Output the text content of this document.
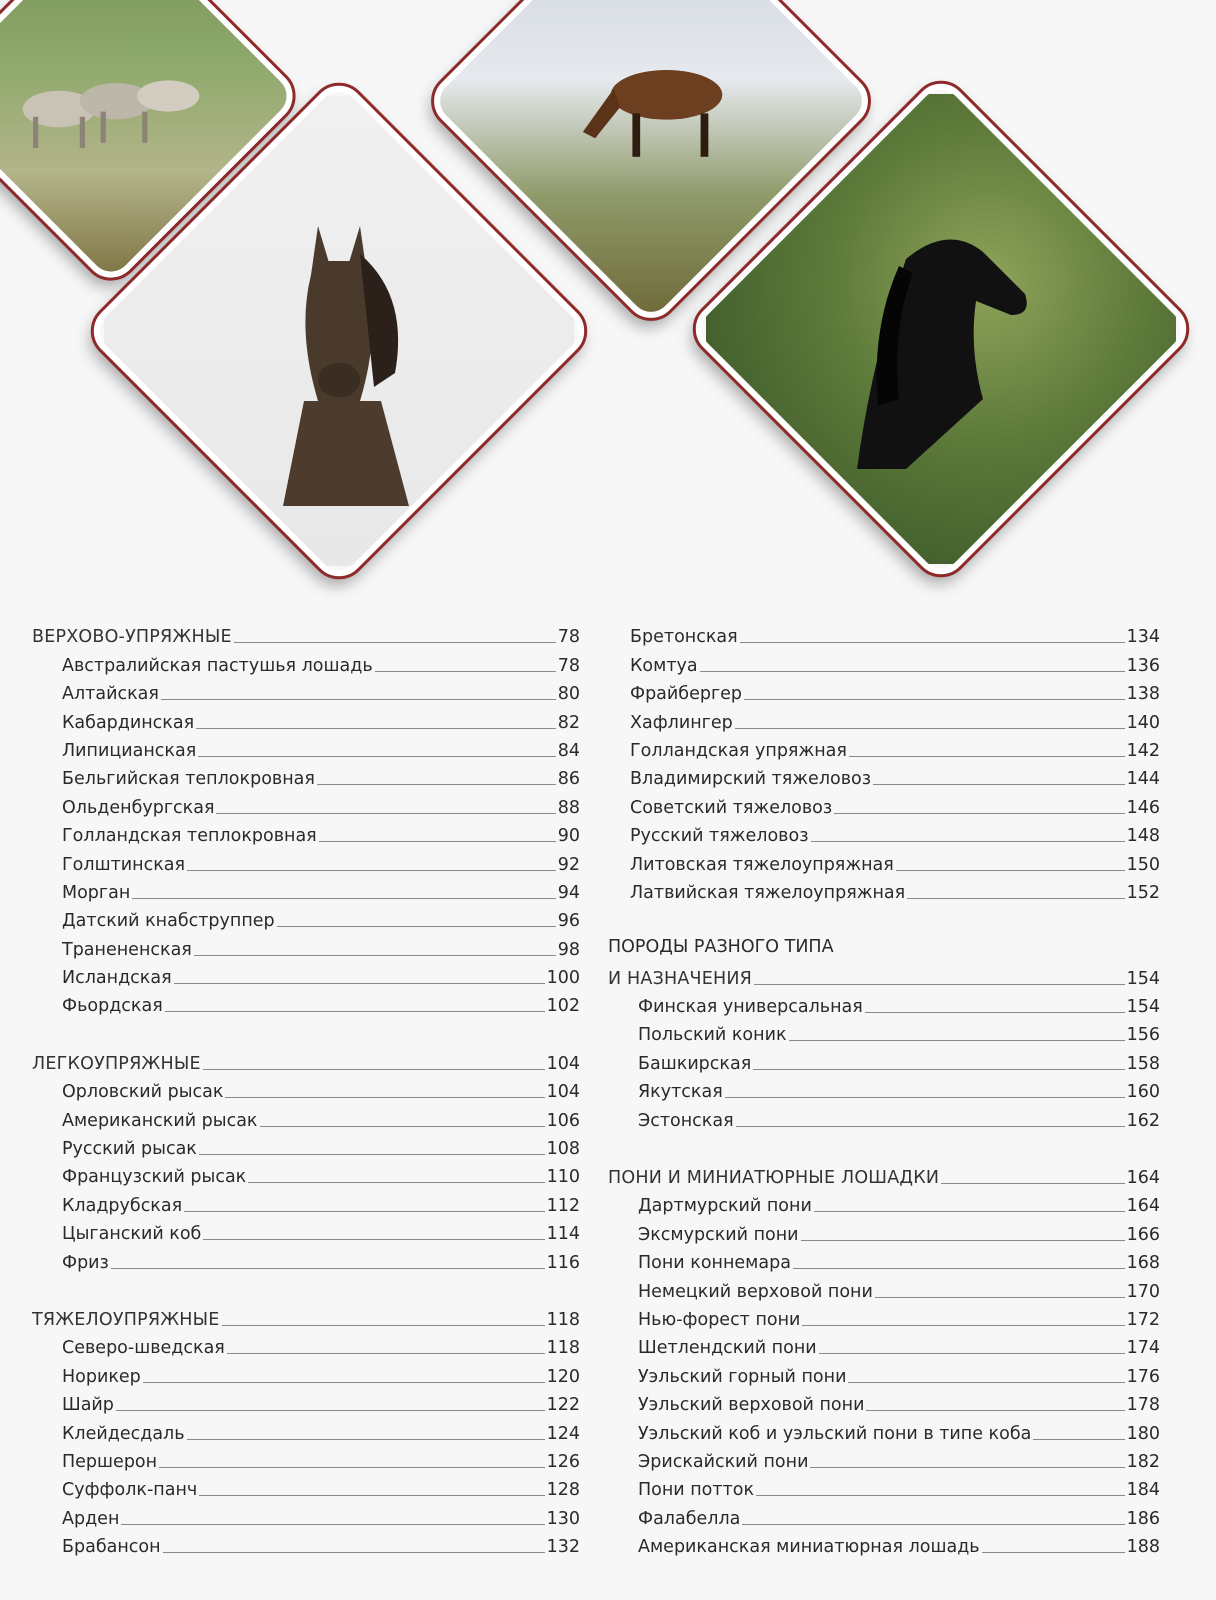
ВЕРХОВО-УПРЯЖНЫЕ	78
Австралийская пастушья лошадь	78
Алтайская	80
Кабардинская	82
Липицианская	84
Бельгийская теплокровная	86
Ольденбургская	88
Голландская теплокровная	90
Голштинская	92
Морган	94
Датский кнабструппер	96
Транененская	98
Исландская	100
Фьордская	102
ЛЕГКОУПРЯЖНЫЕ	104
Орловский рысак	104
Американский рысак	106
Русский рысак	108
Французский рысак	110
Кладрубская	112
Цыганский коб	114
Фриз	116
ТЯЖЕЛОУПРЯЖНЫЕ	118
Северо-шведская	118
Норикер	120
Шайр	122
Клейдесдаль	124
Першерон	126
Суффолк-панч	128
Арден	130
Брабансон	132
Бретонская	134
Комтуа	136
Фрайбергер	138
Хафлингер	140
Голландская упряжная	142
Владимирский тяжеловоз	144
Советский тяжеловоз	146
Русский тяжеловоз	148
Литовская тяжелоупряжная	150
Латвийская тяжелоупряжная	152
ПОРОДЫ РАЗНОГО ТИПА
И НАЗНАЧЕНИЯ	154
Финская универсальная	154
Польский коник	156
Башкирская	158
Якутская	160
Эстонская	162
ПОНИ И МИНИАТЮРНЫЕ ЛОШАДКИ	164
Дартмурский пони	164
Эксмурский пони	166
Пони коннемара	168
Немецкий верховой пони	170
Нью-форест пони	172
Шетлендский пони	174
Уэльский горный пони	176
Уэльский верховой пони	178
Уэльский коб и уэльский пони в типе коба	180
Эрискайский пони	182
Пони потток	184
Фалабелла	186
Американская миниатюрная лошадь	188
